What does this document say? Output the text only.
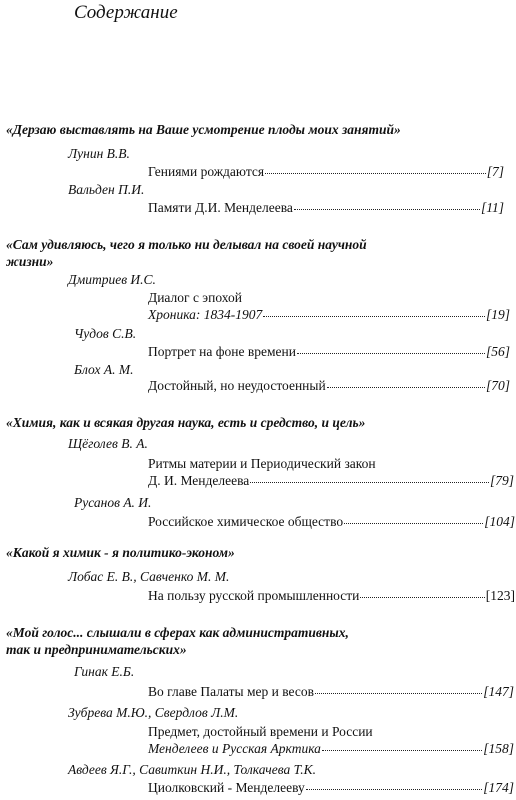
Содержание
«Дерзаю выставлять на Ваше усмотрение плоды моих занятий»
Лунин В.В.
Гениями рождаются	[7]
Вальден П.И.
Памяти Д.И. Менделеева	[11]
«Сам удивляюсь, чего я только ни делывал на своей научной
жизни»
Дмитриев И.С.
Диалог с эпохой
Хроника: 1834-1907	[19]
Чудов С.В.
Портрет на фоне времени	[56]
Блох А. М.
Достойный, но неудостоенный	[70]
«Химия, как и всякая другая наука, есть и средство, и цель»
Щёголев В. А.
Ритмы материи и Периодический закон
Д. И. Менделеева	[79]
Русанов А. И.
Российское химическое общество	[104]
«Какой я химик - я политико-эконом»
Лобас Е. В., Савченко М. М.
На пользу русской промышленности	[123]
«Мой голос... слышали в сферах как административных,
так и предпринимательских»
Гинак Е.Б.
Во главе Палаты мер и весов	[147]
Зубрева М.Ю., Свердлов Л.М.
Предмет, достойный времени и России
Менделеев и Русская Арктика	[158]
Авдеев Я.Г., Савиткин Н.И., Толкачева Т.К.
Циолковский - Менделееву	[174]
